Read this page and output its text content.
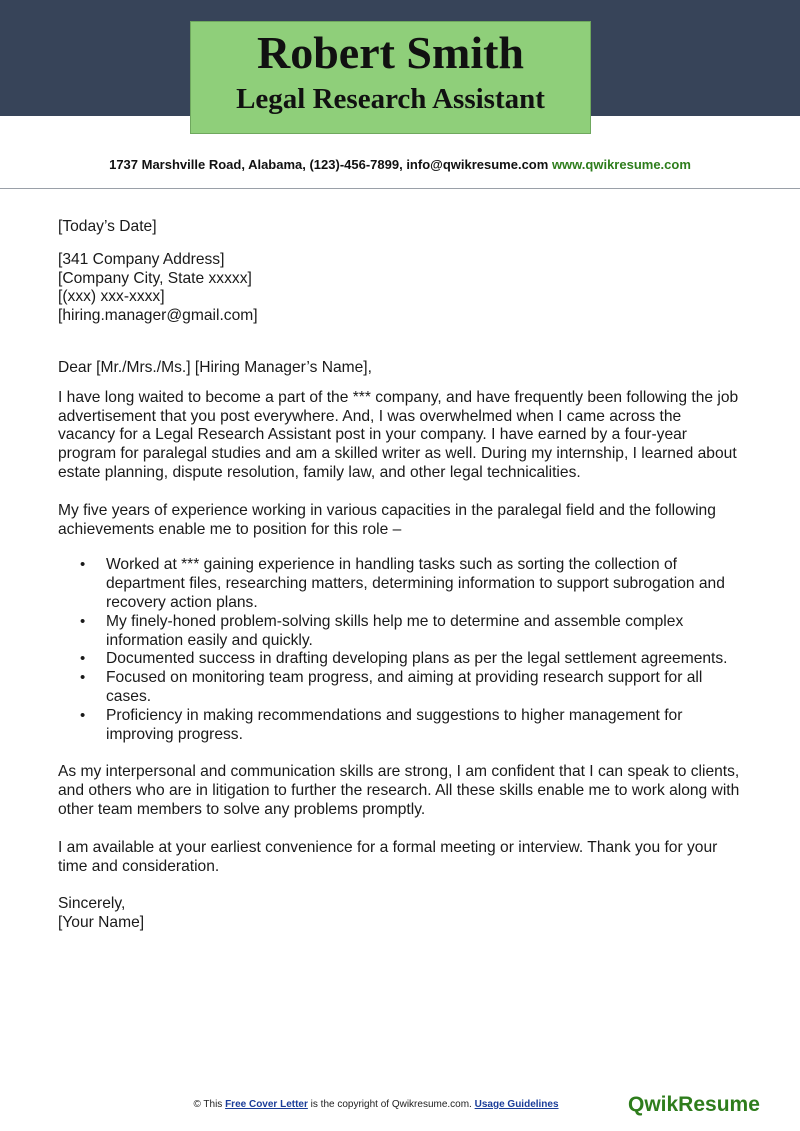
Robert Smith
Legal Research Assistant
1737 Marshville Road, Alabama, (123)-456-7899, info@qwikresume.com www.qwikresume.com

[Today’s Date]

[341 Company Address]

[Company City, State xxxxx]

[(xxx) xxx-xxxx]

[hiring.manager@gmail.com]

Dear [Mr./Mrs./Ms.] [Hiring Manager’s Name],

I have long waited to become a part of the *** company, and have frequently been following the job advertisement that you post everywhere. And, I was overwhelmed when I came across the vacancy for a Legal Research Assistant post in your company. I have earned by a four-year program for paralegal studies and am a skilled writer as well. During my internship, I learned about estate planning, dispute resolution, family law, and other legal technicalities.

My five years of experience working in various capacities in the paralegal field and the following achievements enable me to position for this role –

• Worked at *** gaining experience in handling tasks such as sorting the collection of department files, researching matters, determining information to support subrogation and recovery action plans.
• My finely-honed problem-solving skills help me to determine and assemble complex information easily and quickly.
• Documented success in drafting developing plans as per the legal settlement agreements.
• Focused on monitoring team progress, and aiming at providing research support for all cases.
• Proficiency in making recommendations and suggestions to higher management for improving progress.

As my interpersonal and communication skills are strong, I am confident that I can speak to clients, and others who are in litigation to further the research. All these skills enable me to work along with other team members to solve any problems promptly.

I am available at your earliest convenience for a formal meeting or interview. Thank you for your time and consideration.

Sincerely,

[Your Name]

© This Free Cover Letter is the copyright of Qwikresume.com. Usage Guidelines	QwikResume
